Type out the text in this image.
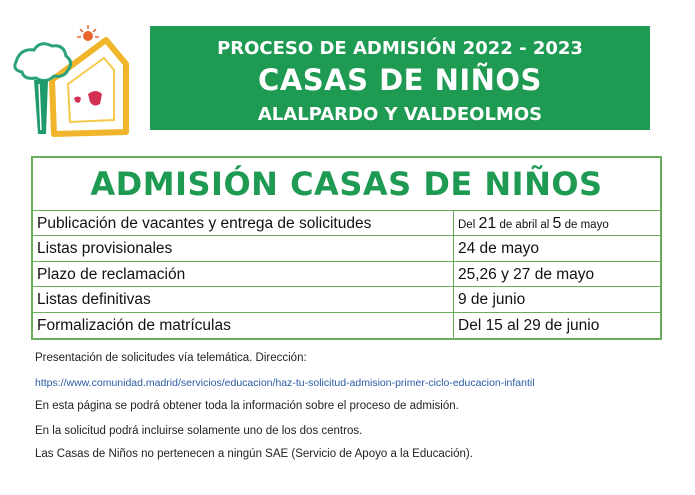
PROCESO DE ADMISIÓN 2022 - 2023
CASAS DE NIÑOS
ALALPARDO Y VALDEOLMOS
ADMISIÓN CASAS DE NIÑOS
Publicación de vacantes y entrega de solicitudes	Del 21 de abril al 5 de mayo
Listas provisionales	24 de mayo
Plazo de reclamación	25,26 y 27 de mayo
Listas definitivas	9 de junio
Formalización de matrículas	Del 15 al 29 de junio
Presentación de solicitudes vía telemática. Dirección:
https://www.comunidad.madrid/servicios/educacion/haz-tu-solicitud-admision-primer-ciclo-educacion-infantil
En esta página se podrá obtener toda la información sobre el proceso de admisión.
En la solicitud podrá incluirse solamente uno de los dos centros.
Las Casas de Niños no pertenecen a ningún SAE (Servicio de Apoyo a la Educación).
